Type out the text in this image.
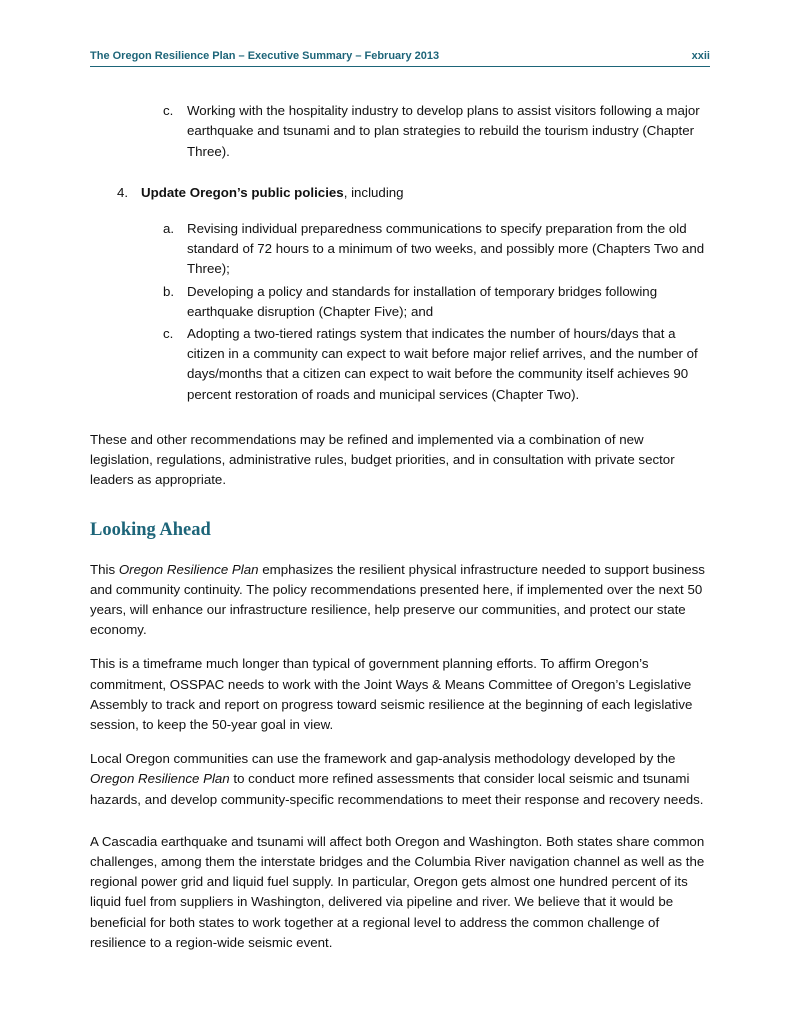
The Oregon Resilience Plan – Executive Summary – February 2013	xxii
c.	Working with the hospitality industry to develop plans to assist visitors following a major earthquake and tsunami and to plan strategies to rebuild the tourism industry (Chapter Three).
4. Update Oregon’s public policies, including
a. Revising individual preparedness communications to specify preparation from the old standard of 72 hours to a minimum of two weeks, and possibly more (Chapters Two and Three);
b. Developing a policy and standards for installation of temporary bridges following earthquake disruption (Chapter Five); and
c.	Adopting a two-tiered ratings system that indicates the number of hours/days that a citizen in a community can expect to wait before major relief arrives, and the number of days/months that a citizen can expect to wait before the community itself achieves 90 percent restoration of roads and municipal services (Chapter Two).

These and other recommendations may be refined and implemented via a combination of new legislation, regulations, administrative rules, budget priorities, and in consultation with private sector leaders as appropriate.

Looking Ahead

This Oregon Resilience Plan emphasizes the resilient physical infrastructure needed to support business and community continuity. The policy recommendations presented here, if implemented over the next 50 years, will enhance our infrastructure resilience, help preserve our communities, and protect our state economy.

This is a timeframe much longer than typical of government planning efforts. To affirm Oregon’s commitment, OSSPAC needs to work with the Joint Ways & Means Committee of Oregon’s Legislative Assembly to track and report on progress toward seismic resilience at the beginning of each legislative session, to keep the 50-year goal in view.

Local Oregon communities can use the framework and gap-analysis methodology developed by the Oregon Resilience Plan to conduct more refined assessments that consider local seismic and tsunami hazards, and develop community-specific recommendations to meet their response and recovery needs.

A Cascadia earthquake and tsunami will affect both Oregon and Washington. Both states share common challenges, among them the interstate bridges and the Columbia River navigation channel as well as the regional power grid and liquid fuel supply. In particular, Oregon gets almost one hundred percent of its liquid fuel from suppliers in Washington, delivered via pipeline and river. We believe that it would be beneficial for both states to work together at a regional level to address the common challenge of resilience to a region-wide seismic event.
